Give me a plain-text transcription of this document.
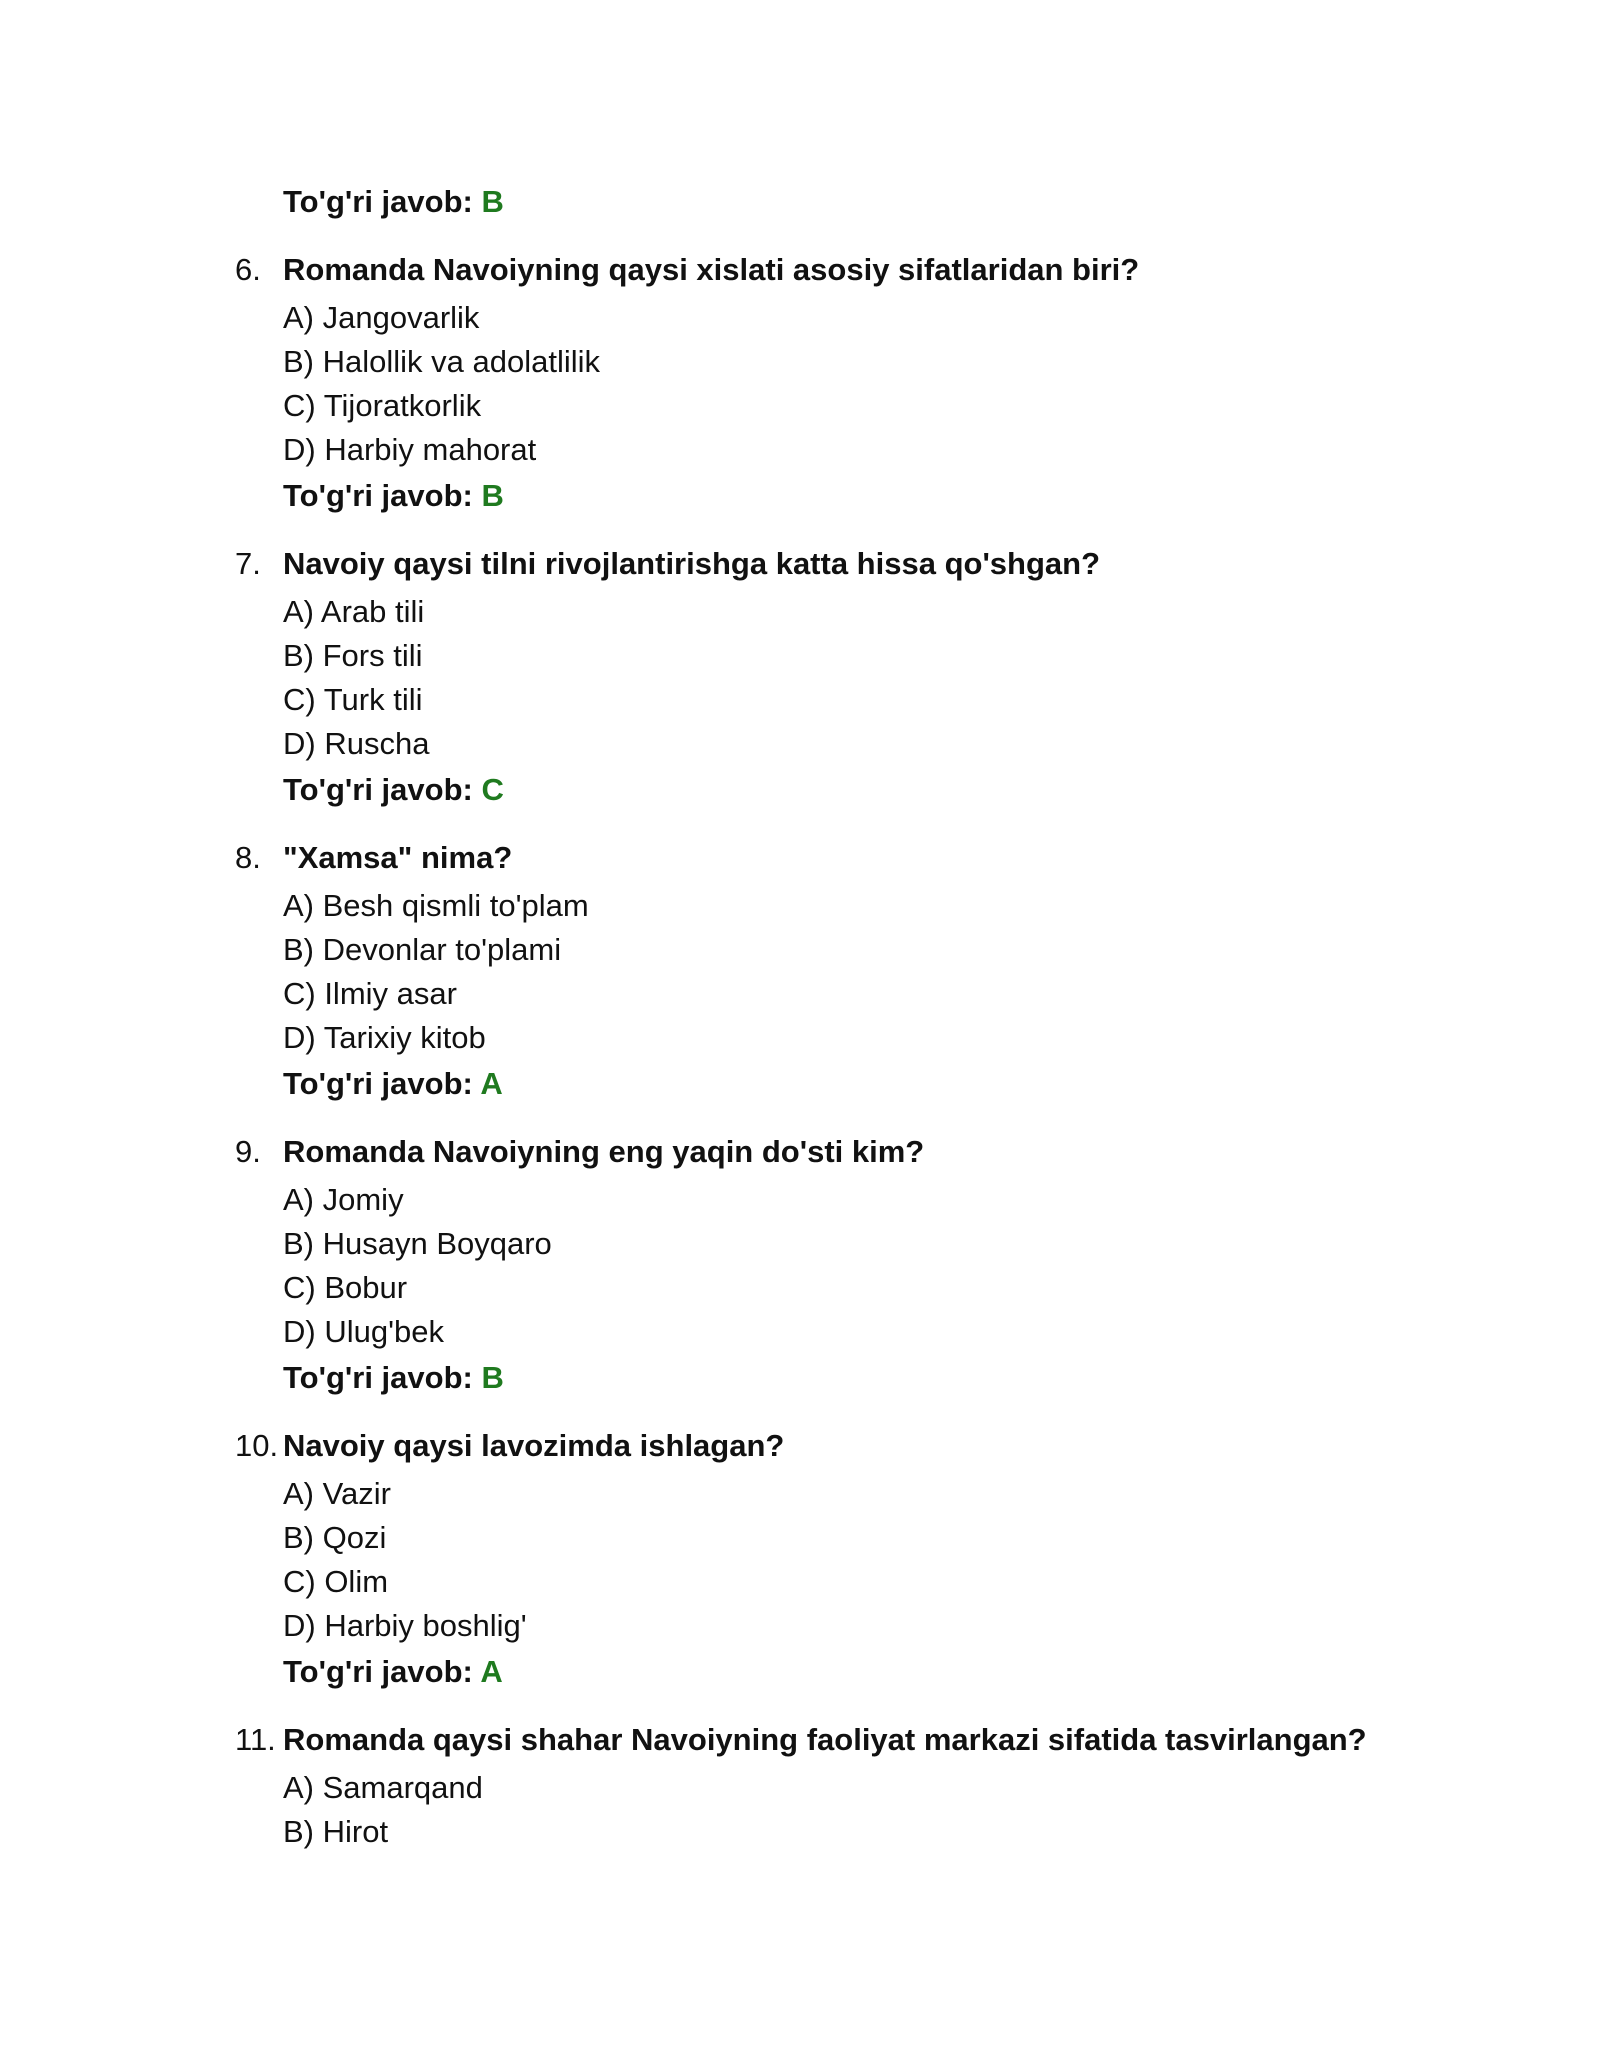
To'g'ri javob: B
6. Romanda Navoiyning qaysi xislati asosiy sifatlaridan biri?
A) Jangovarlik
B) Halollik va adolatlilik
C) Tijoratkorlik
D) Harbiy mahorat
To'g'ri javob: B
7. Navoiy qaysi tilni rivojlantirishga katta hissa qo'shgan?
A) Arab tili
B) Fors tili
C) Turk tili
D) Ruscha
To'g'ri javob: C
8. "Xamsa" nima?
A) Besh qismli to'plam
B) Devonlar to'plami
C) Ilmiy asar
D) Tarixiy kitob
To'g'ri javob: A
9. Romanda Navoiyning eng yaqin do'sti kim?
A) Jomiy
B) Husayn Boyqaro
C) Bobur
D) Ulug'bek
To'g'ri javob: B
10. Navoiy qaysi lavozimda ishlagan?
A) Vazir
B) Qozi
C) Olim
D) Harbiy boshlig'
To'g'ri javob: A
11. Romanda qaysi shahar Navoiyning faoliyat markazi sifatida tasvirlangan?
A) Samarqand
B) Hirot
